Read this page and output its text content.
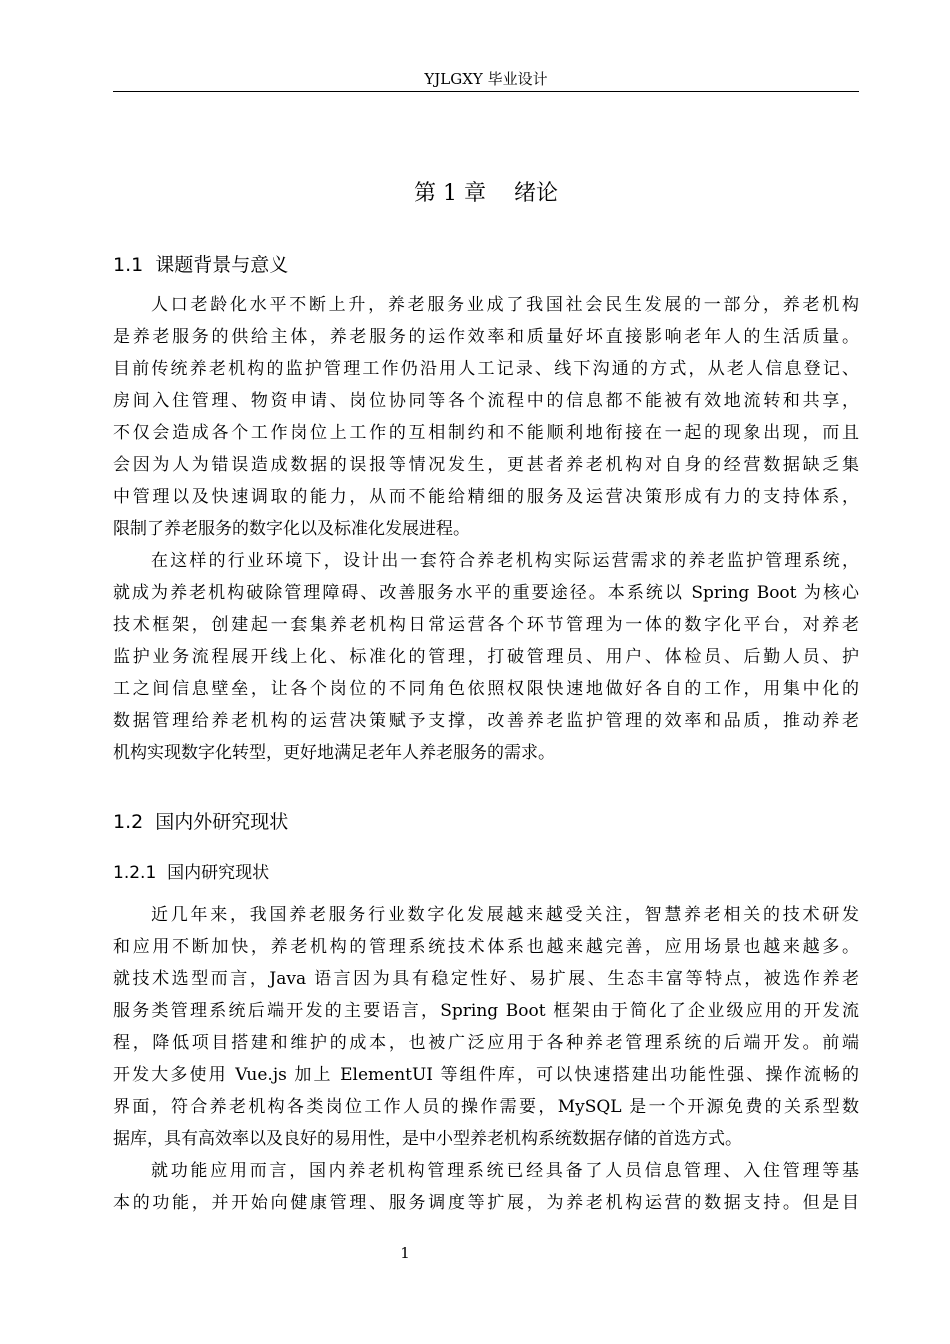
YJLGXY 毕业设计
第 1 章    绪论
1.1  课题背景与意义
人口老龄化水平不断上升，养老服务业成了我国社会民生发展的一部分，养老机构
是养老服务的供给主体，养老服务的运作效率和质量好坏直接影响老年人的生活质量。
目前传统养老机构的监护管理工作仍沿用人工记录、线下沟通的方式，从老人信息登记、
房间入住管理、物资申请、岗位协同等各个流程中的信息都不能被有效地流转和共享，
不仅会造成各个工作岗位上工作的互相制约和不能顺利地衔接在一起的现象出现，而且
会因为人为错误造成数据的误报等情况发生，更甚者养老机构对自身的经营数据缺乏集
中管理以及快速调取的能力，从而不能给精细的服务及运营决策形成有力的支持体系，
限制了养老服务的数字化以及标准化发展进程。
在这样的行业环境下，设计出一套符合养老机构实际运营需求的养老监护管理系统，
就成为养老机构破除管理障碍、改善服务水平的重要途径。本系统以 Spring Boot 为核心
技术框架，创建起一套集养老机构日常运营各个环节管理为一体的数字化平台，对养老
监护业务流程展开线上化、标准化的管理，打破管理员、用户、体检员、后勤人员、护
工之间信息壁垒，让各个岗位的不同角色依照权限快速地做好各自的工作，用集中化的
数据管理给养老机构的运营决策赋予支撑，改善养老监护管理的效率和品质，推动养老
机构实现数字化转型，更好地满足老年人养老服务的需求。
1.2  国内外研究现状
1.2.1  国内研究现状
近几年来，我国养老服务行业数字化发展越来越受关注，智慧养老相关的技术研发
和应用不断加快，养老机构的管理系统技术体系也越来越完善，应用场景也越来越多。
就技术选型而言，Java 语言因为具有稳定性好、易扩展、生态丰富等特点，被选作养老
服务类管理系统后端开发的主要语言，Spring Boot 框架由于简化了企业级应用的开发流
程，降低项目搭建和维护的成本，也被广泛应用于各种养老管理系统的后端开发。前端
开发大多使用 Vue.js 加上 ElementUI 等组件库，可以快速搭建出功能性强、操作流畅的
界面，符合养老机构各类岗位工作人员的操作需要，MySQL 是一个开源免费的关系型数
据库，具有高效率以及良好的易用性，是中小型养老机构系统数据存储的首选方式。
就功能应用而言，国内养老机构管理系统已经具备了人员信息管理、入住管理等基
本的功能，并开始向健康管理、服务调度等扩展，为养老机构运营的数据支持。但是目
1
